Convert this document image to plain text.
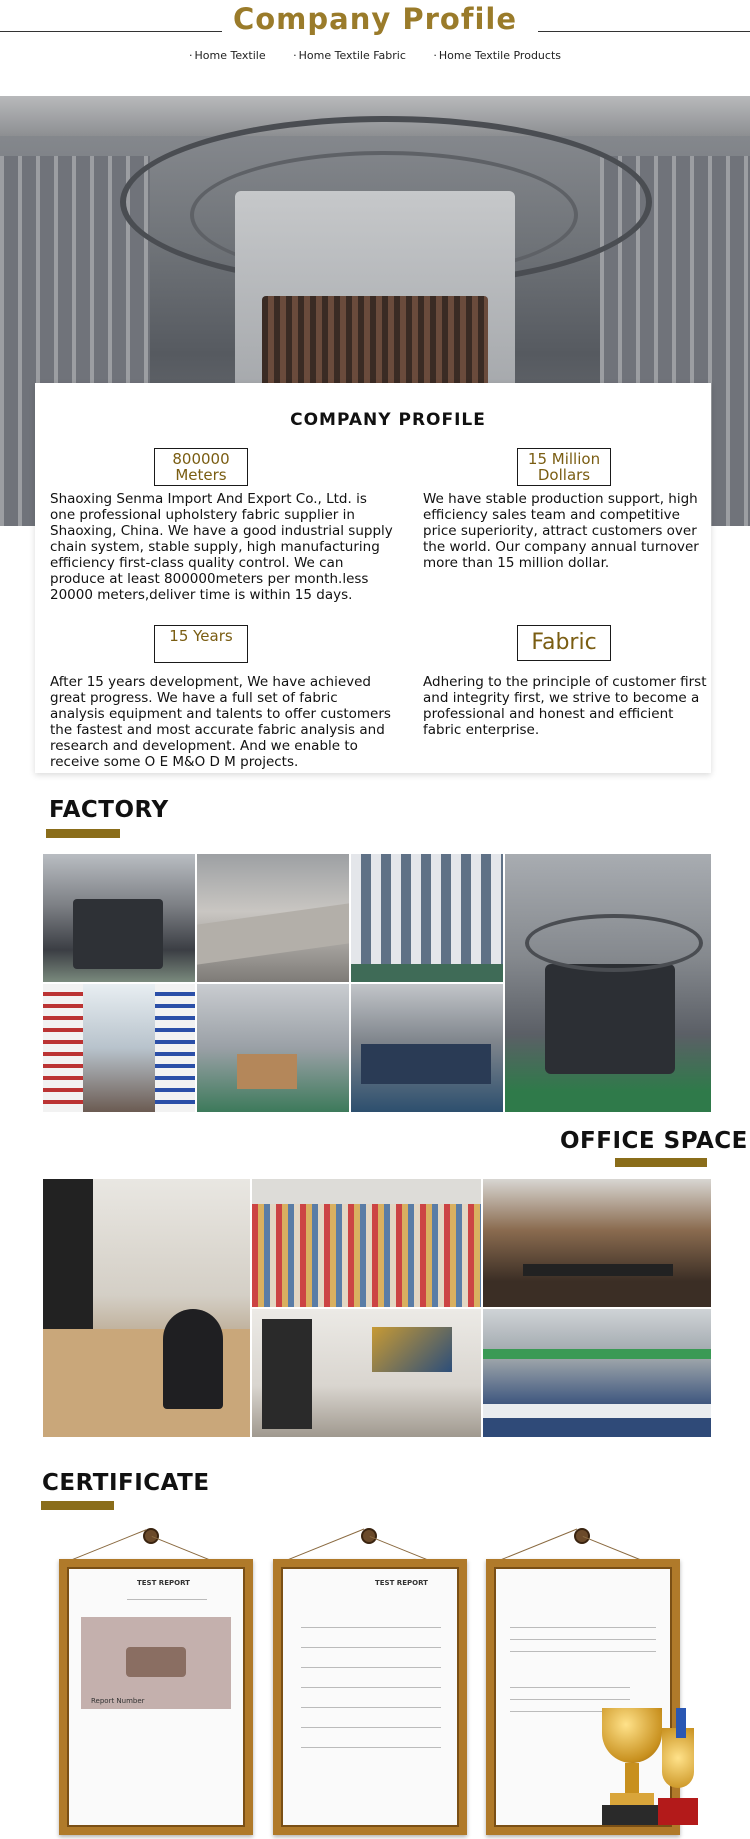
Company Profile
· Home Textile	· Home Textile Fabric	· Home Textile Products
COMPANY PROFILE
800000 Meters
Shaoxing Senma Import And Export Co., Ltd. is one professional upholstery fabric supplier in Shaoxing, China. We have a good industrial supply chain system, stable supply, high manufacturing efficiency first-class quality control. We can produce at least 800000meters per month.less 20000 meters,deliver time is within 15 days.
15 Million Dollars
We have stable production support, high efficiency sales team and competitive price superiority, attract customers over the world. Our company annual turnover more than 15 million dollar.
15 Years
After 15 years development, We have achieved great progress. We have a full set of fabric analysis equipment and talents to offer customers the fastest and most accurate fabric analysis and research and development. And we enable to receive some O E M&O D M projects.
Fabric
Adhering to the principle of customer first and integrity first, we strive to become a professional and honest and efficient fabric enterprise.
FACTORY
OFFICE SPACE
CERTIFICATE
TEST REPORT
Report Number
TEST REPORT
